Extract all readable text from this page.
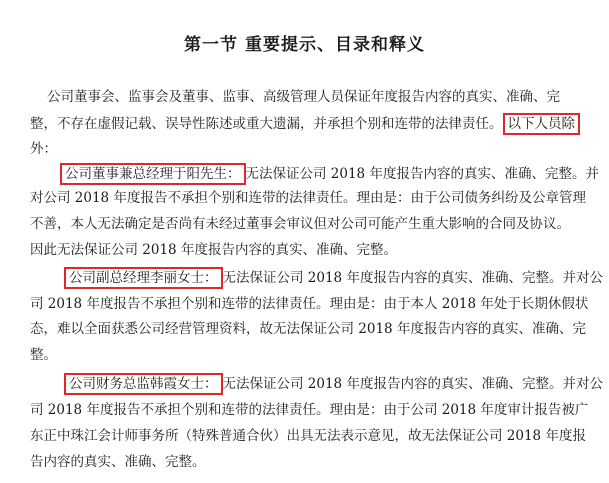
第一节 重要提示、目录和释义
公司董事会、监事会及董事、监事、高级管理人员保证年度报告内容的真实、准确、完
整，不存在虚假记载、误导性陈述或重大遗漏，并承担个别和连带的法律责任。 以下人员除
外：
公司董事兼总经理于阳先生： 无法保证公司 2018 年度报告内容的真实、准确、完整。并
对公司 2018 年度报告不承担个别和连带的法律责任。理由是：由于公司债务纠纷及公章管理
不善，本人无法确定是否尚有未经过董事会审议但对公司可能产生重大影响的合同及协议。
因此无法保证公司 2018 年度报告内容的真实、准确、完整。
公司副总经理李丽女士： 无法保证公司 2018 年度报告内容的真实、准确、完整。并对公
司 2018 年度报告不承担个别和连带的法律责任。理由是：由于本人 2018 年处于长期休假状
态，难以全面获悉公司经营管理资料，故无法保证公司 2018 年度报告内容的真实、准确、完
整。
公司财务总监韩霞女士： 无法保证公司 2018 年度报告内容的真实、准确、完整。并对公
司 2018 年度报告不承担个别和连带的法律责任。理由是：由于公司 2018 年度审计报告被广
东正中珠江会计师事务所（特殊普通合伙）出具无法表示意见，故无法保证公司 2018 年度报
告内容的真实、准确、完整。
